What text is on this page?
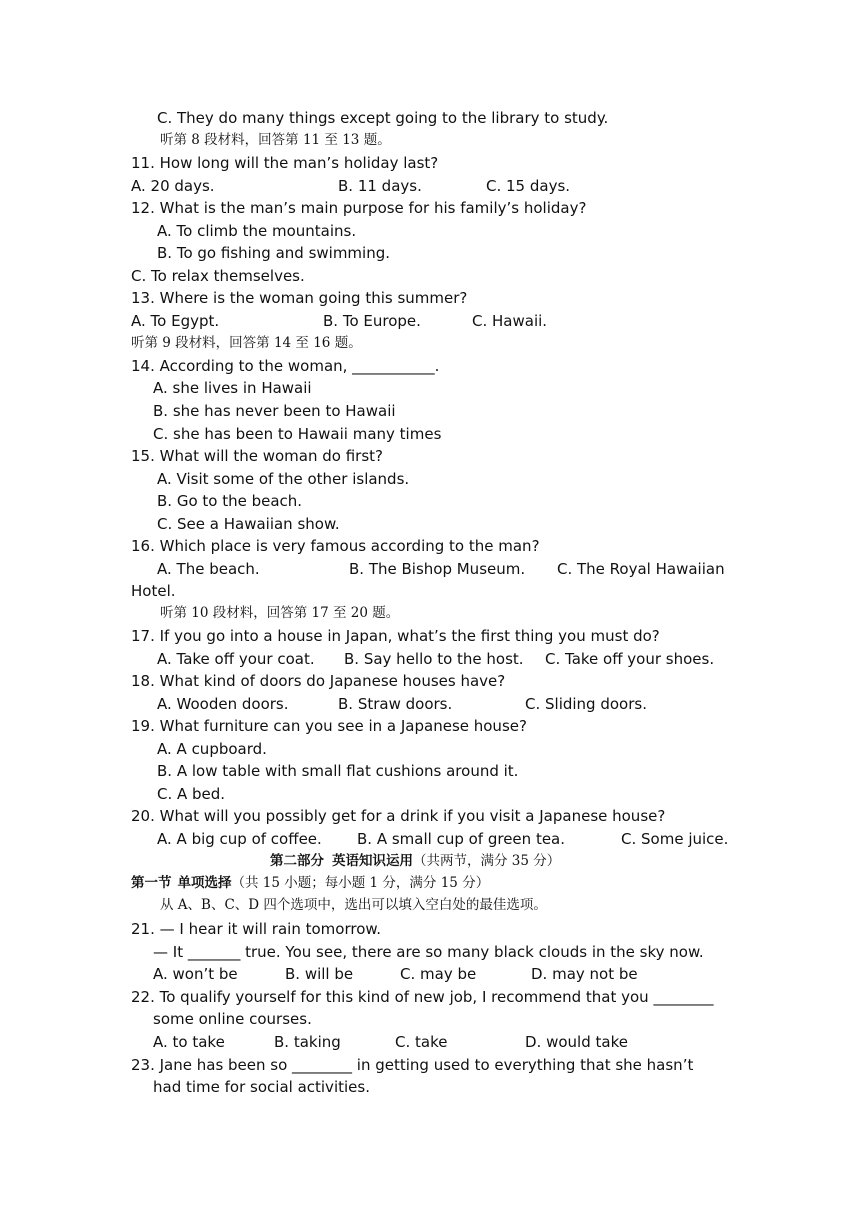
C. They do many things except going to the library to study.
听第 8 段材料，回答第 11 至 13 题。
11. How long will the man’s holiday last?
A. 20 days.	B. 11 days.	C. 15 days.
12. What is the man’s main purpose for his family’s holiday?
A. To climb the mountains.
B. To go fishing and swimming.
C. To relax themselves.
13. Where is the woman going this summer?
A. To Egypt.	B. To Europe.	C. Hawaii.
听第 9 段材料，回答第 14 至 16 题。
14. According to the woman, ___________.
A. she lives in Hawaii
B. she has never been to Hawaii
C. she has been to Hawaii many times
15. What will the woman do first?
A. Visit some of the other islands.
B. Go to the beach.
C. See a Hawaiian show.
16. Which place is very famous according to the man?
A. The beach.	B. The Bishop Museum. C. The Royal Hawaiian
Hotel.
听第 10 段材料，回答第 17 至 20 题。
17. If you go into a house in Japan, what’s the first thing you must do?
A. Take off your coat. B. Say hello to the host. C. Take off your shoes.
18. What kind of doors do Japanese houses have?
A. Wooden doors.	B. Straw doors.	C. Sliding doors.
19. What furniture can you see in a Japanese house?
A. A cupboard.
B. A low table with small flat cushions around it.
C. A bed.
20. What will you possibly get for a drink if you visit a Japanese house?
A. A big cup of coffee. B. A small cup of green tea.	C. Some juice.
第二部分 英语知识运用（共两节，满分 35 分）
第一节 单项选择（共 15 小题；每小题 1 分，满分 15 分）
从 A、B、C、D 四个选项中，选出可以填入空白处的最佳选项。
21. — I hear it will rain tomorrow.
— It _______ true. You see, there are so many black clouds in the sky now.
A. won’t be	B. will be	C. may be	D. may not be
22. To qualify yourself for this kind of new job, I recommend that you ________
some online courses.
A. to take	B. taking	C. take	D. would take
23. Jane has been so ________ in getting used to everything that she hasn’t
had time for social activities.
